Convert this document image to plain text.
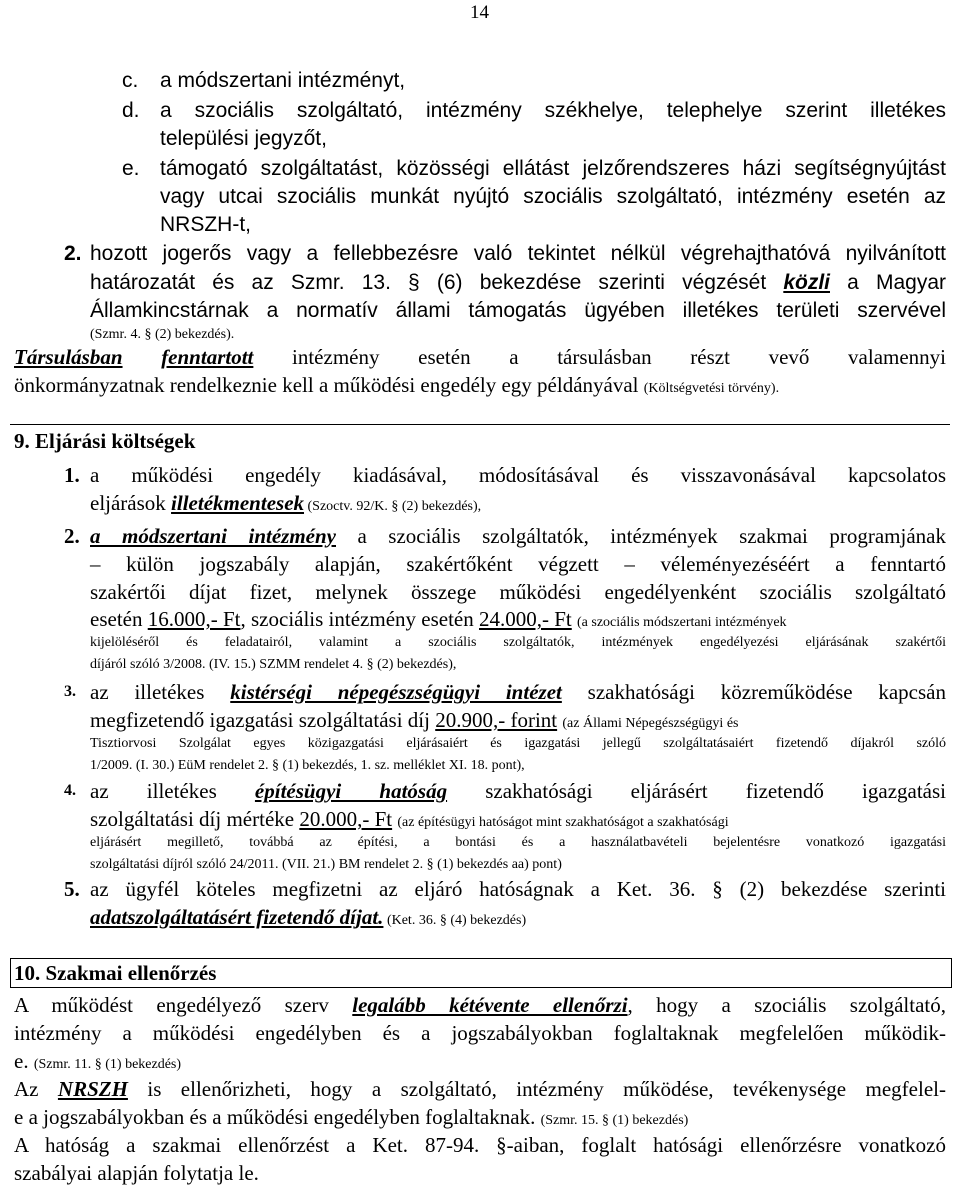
14
c. a módszertani intézményt,
d. a szociális szolgáltató, intézmény székhelye, telephelye szerint illetékes
települési jegyzőt,
e. támogató szolgáltatást, közösségi ellátást jelzőrendszeres házi segítségnyújtást
vagy utcai szociális munkát nyújtó szociális szolgáltató, intézmény esetén az
NRSZH-t,
2. hozott jogerős vagy a fellebbezésre való tekintet nélkül végrehajthatóvá nyilvánított
határozatát és az Szmr. 13. § (6) bekezdése szerinti végzését közli a Magyar
Államkincstárnak a normatív állami támogatás ügyében illetékes területi szervével
(Szmr. 4. § (2) bekezdés).
Társulásban fenntartott intézmény esetén a társulásban részt vevő valamennyi
önkormányzatnak rendelkeznie kell a működési engedély egy példányával (Költségvetési törvény).
9. Eljárási költségek
1. a működési engedély kiadásával, módosításával és visszavonásával kapcsolatos
eljárások illetékmentesek (Szoctv. 92/K. § (2) bekezdés),
2. a módszertani intézmény a szociális szolgáltatók, intézmények szakmai programjának
– külön jogszabály alapján, szakértőként végzett – véleményezéséért a fenntartó
szakértői díjat fizet, melynek összege működési engedélyenként szociális szolgáltató
esetén 16.000,- Ft, szociális intézmény esetén 24.000,- Ft (a szociális módszertani intézmények
kijelöléséről és feladatairól, valamint a szociális szolgáltatók, intézmények engedélyezési eljárásának szakértői
díjáról szóló 3/2008. (IV. 15.) SZMM rendelet 4. § (2) bekezdés),
3. az illetékes kistérségi népegészségügyi intézet szakhatósági közreműködése kapcsán
megfizetendő igazgatási szolgáltatási díj 20.900,- forint (az Állami Népegészségügyi és
Tisztiorvosi Szolgálat egyes közigazgatási eljárásaiért és igazgatási jellegű szolgáltatásaiért fizetendő díjakról szóló
1/2009. (I. 30.) EüM rendelet 2. § (1) bekezdés, 1. sz. melléklet XI. 18. pont),
4. az illetékes építésügyi hatóság szakhatósági eljárásért fizetendő igazgatási
szolgáltatási díj mértéke 20.000,- Ft (az építésügyi hatóságot mint szakhatóságot a szakhatósági
eljárásért megillető, továbbá az építési, a bontási és a használatbavételi bejelentésre vonatkozó igazgatási
szolgáltatási díjról szóló 24/2011. (VII. 21.) BM rendelet 2. § (1) bekezdés aa) pont)
5. az ügyfél köteles megfizetni az eljáró hatóságnak a Ket. 36. § (2) bekezdése szerinti
adatszolgáltatásért fizetendő díjat. (Ket. 36. § (4) bekezdés)
10. Szakmai ellenőrzés
A működést engedélyező szerv legalább kétévente ellenőrzi, hogy a szociális szolgáltató,
intézmény a működési engedélyben és a jogszabályokban foglaltaknak megfelelően működik-
e. (Szmr. 11. § (1) bekezdés)
Az NRSZH is ellenőrizheti, hogy a szolgáltató, intézmény működése, tevékenysége megfelel-
e a jogszabályokban és a működési engedélyben foglaltaknak. (Szmr. 15. § (1) bekezdés)
A hatóság a szakmai ellenőrzést a Ket. 87-94. §-aiban, foglalt hatósági ellenőrzésre vonatkozó
szabályai alapján folytatja le.
